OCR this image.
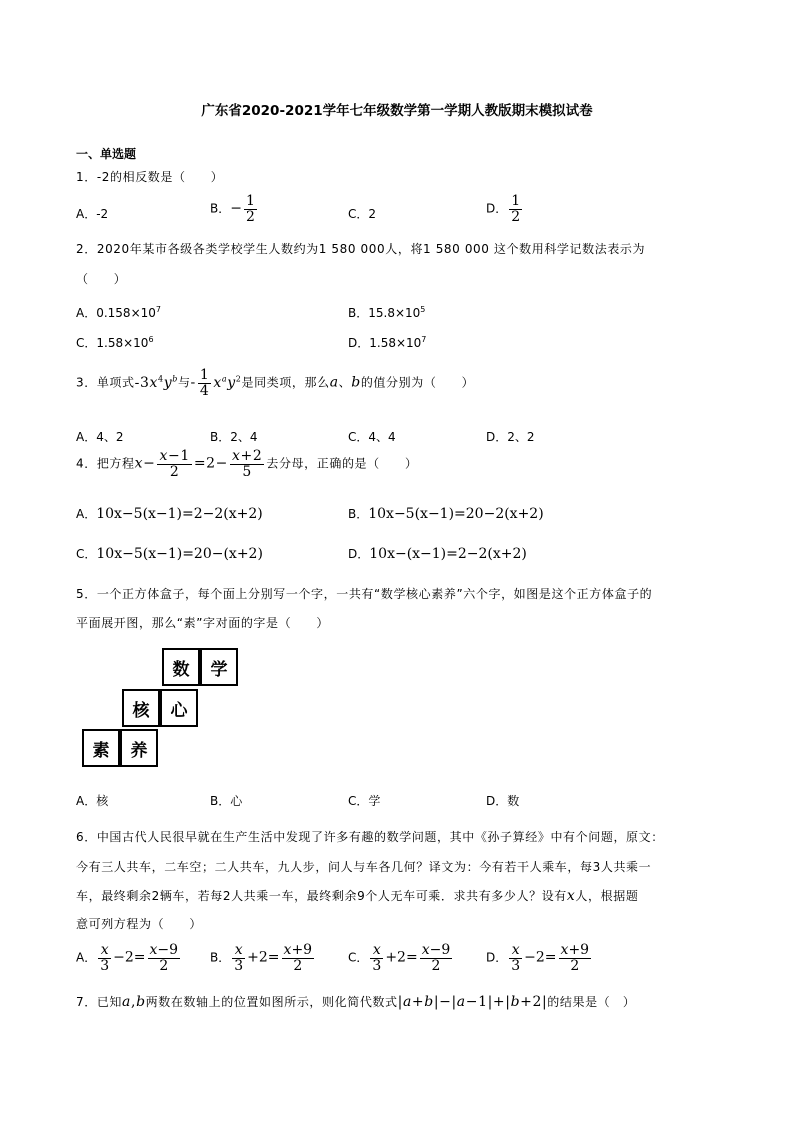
广东省2020-2021学年七年级数学第一学期人教版期末模拟试卷
一、单选题
1．-2的相反数是（　　）
A．-2	B．− $\frac{1}{2}$	C．2	D． $\frac{1}{2}$
2．2020年某市各级各类学校学生人数约为1 580 000人，将1 580 000 这个数用科学记数法表示为
（　　）
A．$0.158\times 10^7$	B．$15.8\times 10^5$
C．$1.58\times 10^6$	D．$1.58\times 10^7$
3．单项式$-3x^4y^b$与- $\frac{1}{4} x^ay^2$是同类项，那么a、b的值分别为（　　）
A．4、2	B．2、4	C．4、4	D．2、2
4．把方程$x- \frac{x-1}{2} =2- \frac{x+2}{5}$ 去分母，正确的是（　　）
A．10x−5(x−1)=2−2(x+2)	B．10x−5(x−1)=20−2(x+2)
C．10x−5(x−1)=20−(x+2)	D．10x−(x−1)=2−2(x+2)
5．一个正方体盒子，每个面上分别写一个字，一共有“数学核心素养”六个字，如图是这个正方体盒子的
平面展开图，那么“素”字对面的字是（　　）
数	学
核	心
素	养
A．核	B．心	C．学	D．数
6．中国古代人民很早就在生产生活中发现了许多有趣的数学问题，其中《孙子算经》中有个问题，原文：
今有三人共车，二车空；二人共车，九人步，问人与车各几何？译文为：今有若干人乘车，每3人共乘一
车，最终剩余2辆车，若每2人共乘一车，最终剩余9个人无车可乘．求共有多少人？设有x人，根据题
意可列方程为（　　）
A． $\frac{x}{3} -2= \frac{x-9}{2}$ B． $\frac{x}{3} +2= \frac{x+9}{2}$	C． $\frac{x}{3} +2= \frac{x-9}{2}$	D． $\frac{x}{3} -2= \frac{x+9}{2}$
7．已知a,b两数在数轴上的位置如图所示，则化简代数式|a+b|−|a−1|+|b+2|的结果是（　）
